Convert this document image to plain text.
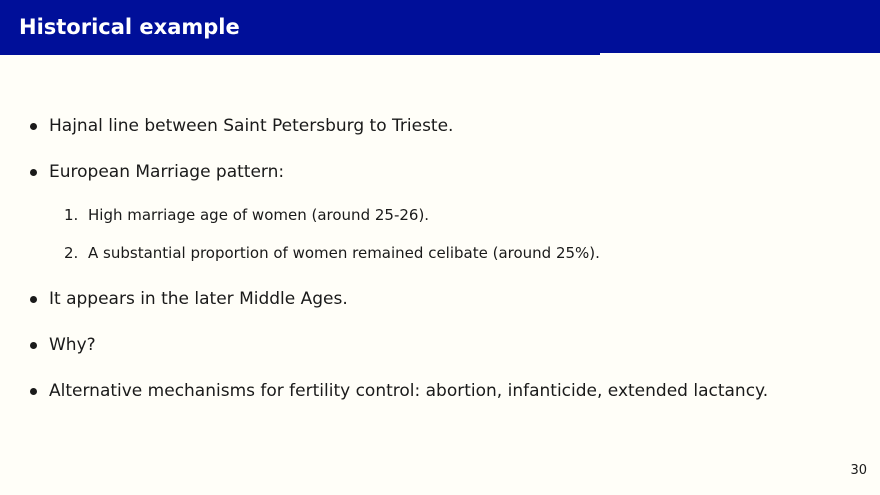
Historical example
Hajnal line between Saint Petersburg to Trieste.
European Marriage pattern:
1. High marriage age of women (around 25-26).
2. A substantial proportion of women remained celibate (around 25%).
It appears in the later Middle Ages.
Why?
Alternative mechanisms for fertility control: abortion, infanticide, extended lactancy.
30
